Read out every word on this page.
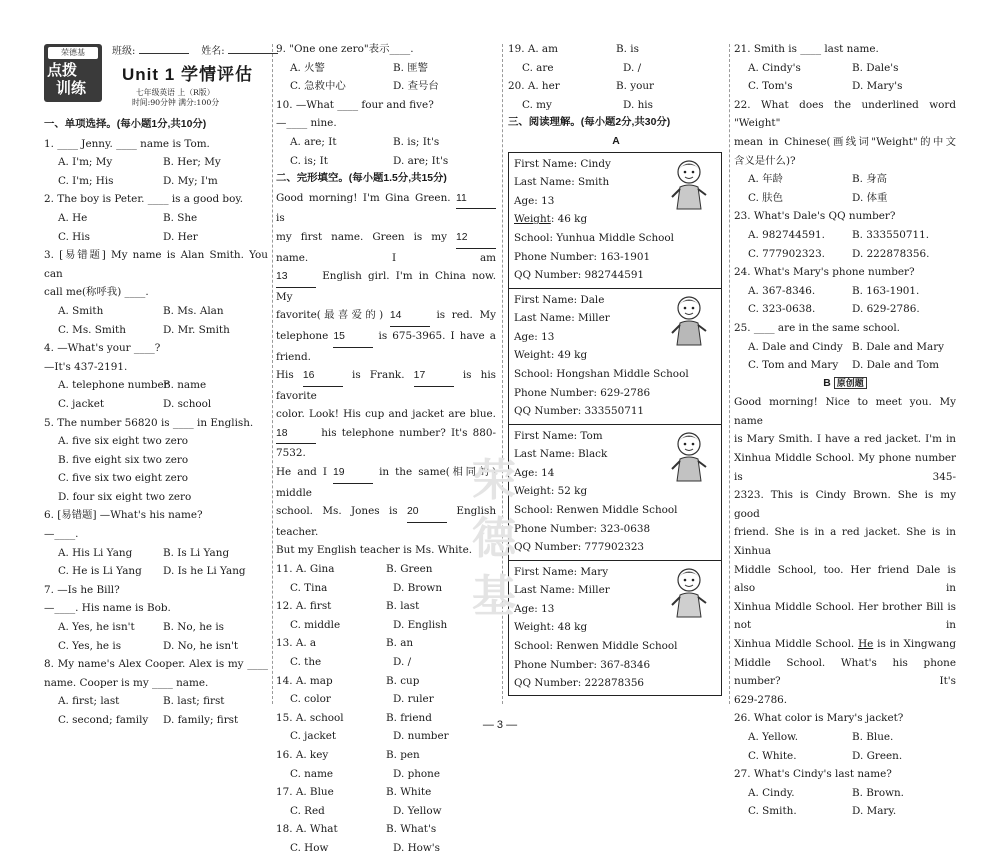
荣德基
点拨
训练
班级:	姓名:
Unit 1 学情评估
七年级英语 上（R版）
时间:90分钟 满分:100分
一、单项选择。(每小题1分,共10分)
1. ____ Jenny. ____ name is Tom.
A. I'm; My	B. Her; My
C. I'm; His	D. My; I'm
2. The boy is Peter. ____ is a good boy.
A. He	B. She
C. His	D. Her
3. [易错题] My name is Alan Smith. You can
call me(称呼我) ____.
A. Smith	B. Ms. Alan
C. Ms. Smith	D. Mr. Smith
4. —What's your ____?
—It's 437-2191.
A. telephone number
B. name
C. jacket	D. school
5. The number 56820 is ____ in English.
A. five six eight two zero
B. five eight six two zero
C. five six two eight zero
D. four six eight two zero
6. [易错题] —What's his name?
—____.
A. His Li Yang	B. Is Li Yang
C. He is Li Yang	D. Is he Li Yang
7. —Is he Bill?
—____. His name is Bob.
A. Yes, he isn't	B. No, he is
C. Yes, he is	D. No, he isn't
8. My name's Alex Cooper. Alex is my ____
name. Cooper is my ____ name.
A. first; last	B. last; first
C. second; family	D. family; first
9. "One one zero"表示____.
A. 火警	B. 匪警
C. 急救中心	D. 查号台
10. —What ____ four and five?
—____ nine.
A. are; It	B. is; It's
C. is; It	D. are; It's
二、完形填空。(每小题1.5分,共15分)
Good morning! I'm Gina Green. 11 is
my first name. Green is my 12 name. I am
13	English girl. I'm in China now. My
favorite(最喜爱的) 14	is red. My
telephone 15	is 675-3965. I have a friend.
His 16	is Frank. 17	is his favorite
color. Look! His cup and jacket are blue.
18	his telephone number? It's 880-7532.
He and I 19	in the same(相同的) middle
school. Ms. Jones is 20	English teacher.
But my English teacher is Ms. White.
11. A. Gina	B. Green
C. Tina	D. Brown
12. A. first	B. last
C. middle	D. English
13. A. a	B. an
C. the	D. /
14. A. map	B. cup
C. color	D. ruler
15. A. school	B. friend
C. jacket	D. number
16. A. key	B. pen
C. name	D. phone
17. A. Blue	B. White
C. Red	D. Yellow
18. A. What	B. What's
C. How	D. How's
19. A. am	B. is
C. are	D. /
20. A. her	B. your
C. my	D. his
三、阅读理解。(每小题2分,共30分)
A
First Name: Cindy
Last Name: Smith
Age: 13
Weight: 46 kg
School: Yunhua Middle School
Phone Number: 163-1901
QQ Number: 982744591
First Name: Dale
Last Name: Miller
Age: 13
Weight: 49 kg
School: Hongshan Middle School
Phone Number: 629-2786
QQ Number: 333550711
First Name: Tom
Last Name: Black
Age: 14
Weight: 52 kg
School: Renwen Middle School
Phone Number: 323-0638
QQ Number: 777902323
First Name: Mary
Last Name: Miller
Age: 13
Weight: 48 kg
School: Renwen Middle School
Phone Number: 367-8346
QQ Number: 222878356
21. Smith is ____ last name.
A. Cindy's	B. Dale's
C. Tom's	D. Mary's
22. What does the underlined word "Weight"
mean in Chinese(画线词"Weight"的中文
含义是什么)?
A. 年龄	B. 身高
C. 肤色	D. 体重
23. What's Dale's QQ number?
A. 982744591.	B. 333550711.
C. 777902323.	D. 222878356.
24. What's Mary's phone number?
A. 367-8346.	B. 163-1901.
C. 323-0638.	D. 629-2786.
25. ____ are in the same school.
A. Dale and Cindy B. Dale and Mary
C. Tom and Mary	D. Dale and Tom
B 原创题
Good morning! Nice to meet you. My name
is Mary Smith. I have a red jacket. I'm in
Xinhua Middle School. My phone number is 345-
2323. This is Cindy Brown. She is my good
friend. She is in a red jacket. She is in Xinhua
Middle School, too. Her friend Dale is also in
Xinhua Middle School. Her brother Bill is not in
Xinhua Middle School. He is in Xingwang
Middle School. What's his phone number? It's
629-2786.
26. What color is Mary's jacket?
A. Yellow.	B. Blue.
C. White.	D. Green.
27. What's Cindy's last name?
A. Cindy.	B. Brown.
C. Smith.	D. Mary.
荣德基
— 3 —
